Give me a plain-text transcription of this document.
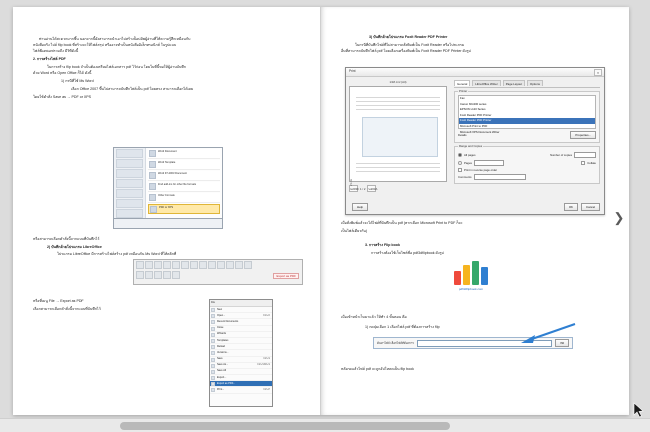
ท่านอ่านได้สะดวกมากขึ้น นอกจากนี้ยังสามารถนำเอาไปสร้างป็อปอัพผู้อ่านที่ให้ความรู้สึกเหมือนกับ
หนังสือจริง ไปล์ flip book ที่สร้างจะให้ไฟล์สรุป หรืออาจทำเป็นหนังสืออิเล็กทรอนิกส์ ในรูปแบบ
ไฟล์พีเอพเอฟรวมถีง มีวิทีดังนี้
2. การสร้างไฟล์ PDF
ในการสร้าง flip book จำเป็นต้องเตรียมไฟล์เอกสาร pdf ไว้ก่อน โดยในที่นี้ขอให้ผู้อ่านบันทึก
ด้วย Word หรือ Open Office ก็ได้ ดังนี้
1) กรนีที่ใช้ Ms Word
เลือก Office 2007 ขึ้นไปสามารถบันทึกไฟล์เป็น pdf โดยตรง สามารถเลือกได้เลย
โดยใช้คำสั่ง Save as → PDF or XPS
Word Document
Word Template
Word 97-2003 Document
Find add-ins for other file formats
Other Formats
PDF or XPS
หรือสามารถเลือกคำสั่งนี้จากแบบที่บันทึกไว้
2) บันทึกด้วยโปรแกรม LibreOffice
โปรแกรม LibreOffice มีการสร้างไฟล์สร้าง pdf เหมือนกัน Ms Word ที่ให้คลิกที่
Export as PDF
หรือที่เมนู File → Export as PDF
เลือกสามารถเลือกคำสั่งนี้จากแบบที่บันทึกไว้
File
New
Open...	Ctrl+O
Recent Documents
Close
Wizards
Templates
Reload
Versions...
Save	Ctrl+S
Save As...	Ctrl+Shift+S
Save All
Export...
Export as PDF...
Print...	Ctrl+P
3) บันทึกด้วยโปรแกรม Foxit Reader PDF Printer
ในกรนีที่บันทึกไฟล์ที่ไม่สามารถสั่งพิมพ์เป็น Foxit Reader หรือโปรแกรม
อื่นที่สามารถบันทึกไฟล์ pdf โดยเลือกเครื่องพิมพ์เป็น Foxit Reader PDF Printer ดังรูป
Print	✕
1/18 cm² (A4)
\u2039 1 / 2	\u203A
General	LibreOffice Writer	Page Layout	Options
Printer
Fax
Canon MG300 series
EPSON L120 Series
Foxit Reader PDF Printer
Foxit Reader PDF Printer
Microsoft Print to PDF
Microsoft XPS Document Writer
Details	Properties...
Range and Copies
All pages	Number of copies
Pages	Collate
Print in reverse page order
Comments
Help	OK	Cancel
21 cm
เมื่อสั่งพิมพ์แล้วจะได้ไฟล์ที่บันทึกเป็น pdf (หากเลือก Microsoft Print to PDF ก็จะ
เป็นไฟล์เดียวกัน)
3. การสร้าง Flip book
การสร้างต้องใช้เว็บไซต์ชื่อ pdf3dflipbook ดังรูป
pdf3dflipbook.com
เมื่อเข้าหน้าเว็บมาแล้ว ให้ทำ 4 ขั้นตอน คือ
1) กดปุ่มเลือก 1 เลือกไฟล์ pdf ที่ต้องการสร้าง flip
ค้นหาไฟล์ เลือกไฟล์ที่ต้องการ	กด
หลังกดแล้วไฟล์ pdf จะถูกอัปโหลดเป็น flip book
❯
